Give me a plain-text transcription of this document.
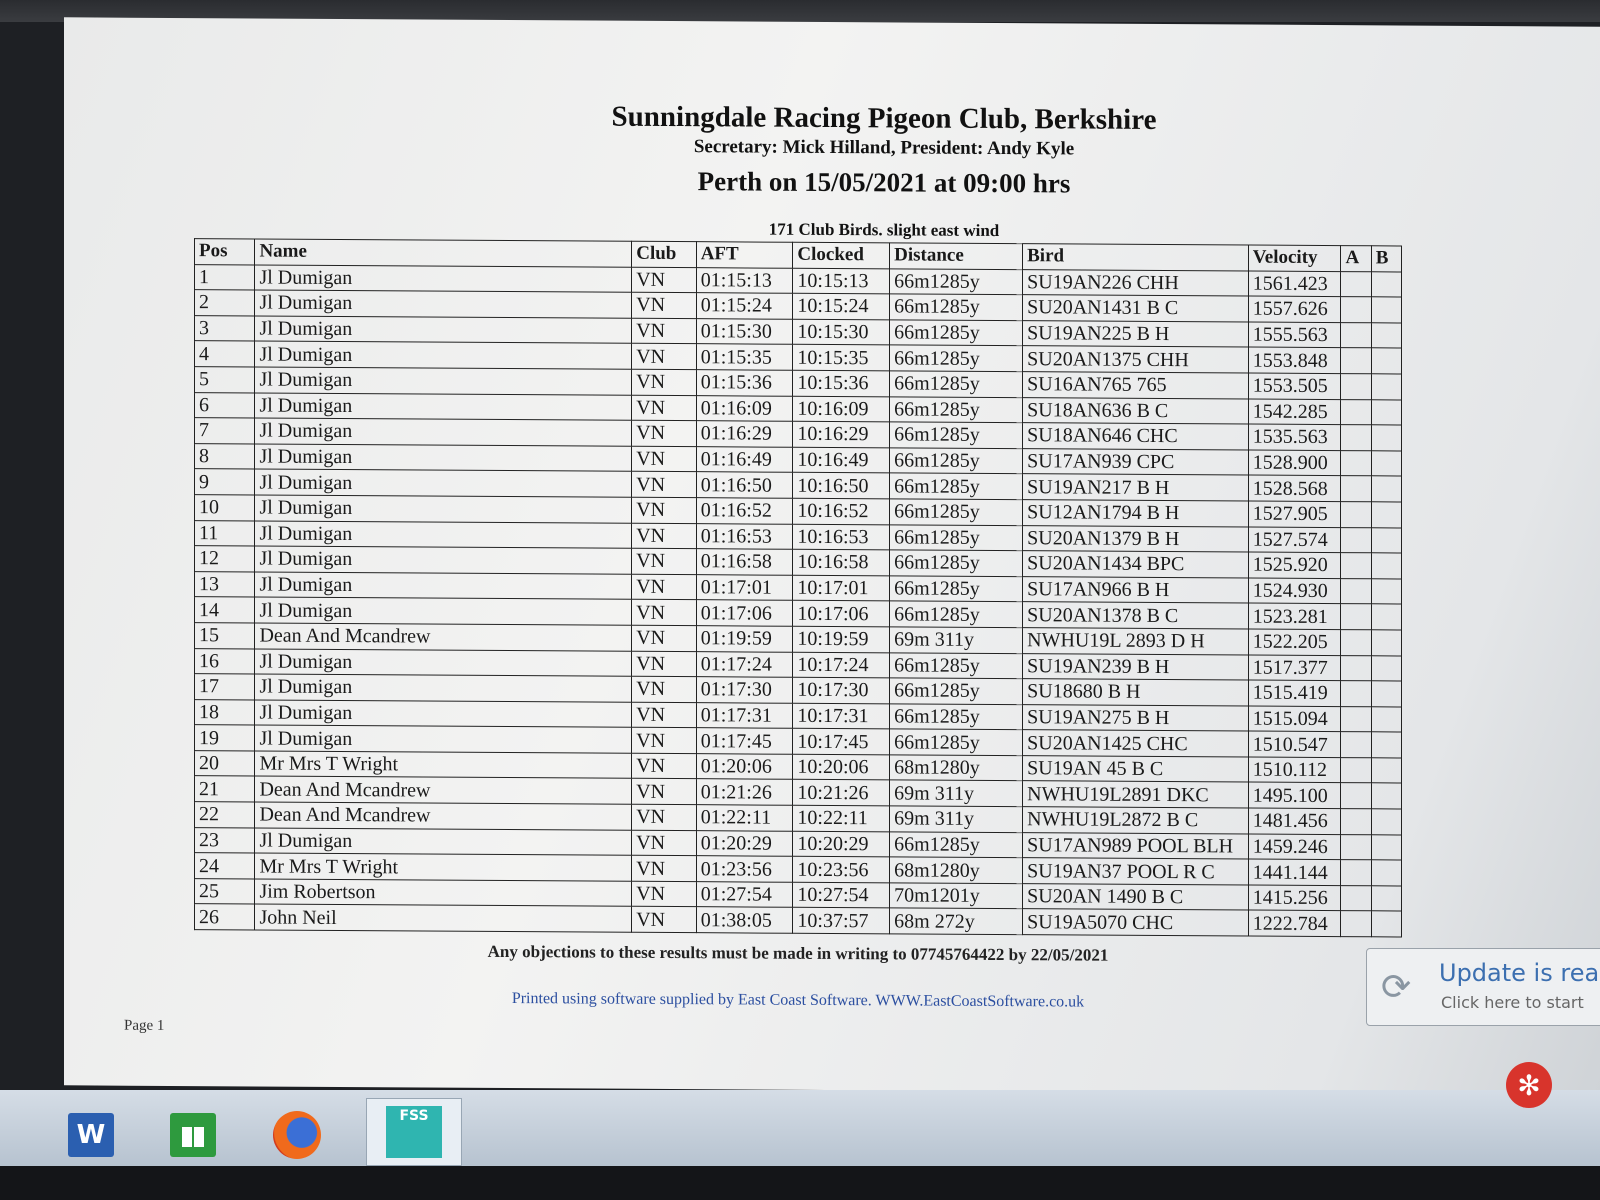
Sunningdale Racing Pigeon Club, Berkshire
Secretary: Mick Hilland, President: Andy Kyle
Perth on 15/05/2021 at 09:00 hrs
171 Club Birds. slight east wind
Pos	Name	Club	AFT	Clocked	Distance	Bird	Velocity	A	B
1	Jl Dumigan	VN	01:15:13	10:15:13	66m1285y	SU19AN226 CHH	1561.423		
2	Jl Dumigan	VN	01:15:24	10:15:24	66m1285y	SU20AN1431 B C	1557.626		
3	Jl Dumigan	VN	01:15:30	10:15:30	66m1285y	SU19AN225 B H	1555.563		
4	Jl Dumigan	VN	01:15:35	10:15:35	66m1285y	SU20AN1375 CHH	1553.848		
5	Jl Dumigan	VN	01:15:36	10:15:36	66m1285y	SU16AN765 765	1553.505		
6	Jl Dumigan	VN	01:16:09	10:16:09	66m1285y	SU18AN636 B C	1542.285		
7	Jl Dumigan	VN	01:16:29	10:16:29	66m1285y	SU18AN646 CHC	1535.563		
8	Jl Dumigan	VN	01:16:49	10:16:49	66m1285y	SU17AN939 CPC	1528.900		
9	Jl Dumigan	VN	01:16:50	10:16:50	66m1285y	SU19AN217 B H	1528.568		
10	Jl Dumigan	VN	01:16:52	10:16:52	66m1285y	SU12AN1794 B H	1527.905		
11	Jl Dumigan	VN	01:16:53	10:16:53	66m1285y	SU20AN1379 B H	1527.574		
12	Jl Dumigan	VN	01:16:58	10:16:58	66m1285y	SU20AN1434 BPC	1525.920		
13	Jl Dumigan	VN	01:17:01	10:17:01	66m1285y	SU17AN966 B H	1524.930		
14	Jl Dumigan	VN	01:17:06	10:17:06	66m1285y	SU20AN1378 B C	1523.281		
15	Dean And Mcandrew	VN	01:19:59	10:19:59	69m 311y	NWHU19L 2893 D H	1522.205		
16	Jl Dumigan	VN	01:17:24	10:17:24	66m1285y	SU19AN239 B H	1517.377		
17	Jl Dumigan	VN	01:17:30	10:17:30	66m1285y	SU18680 B H	1515.419		
18	Jl Dumigan	VN	01:17:31	10:17:31	66m1285y	SU19AN275 B H	1515.094		
19	Jl Dumigan	VN	01:17:45	10:17:45	66m1285y	SU20AN1425 CHC	1510.547		
20	Mr Mrs T Wright	VN	01:20:06	10:20:06	68m1280y	SU19AN 45 B C	1510.112		
21	Dean And Mcandrew	VN	01:21:26	10:21:26	69m 311y	NWHU19L2891 DKC	1495.100		
22	Dean And Mcandrew	VN	01:22:11	10:22:11	69m 311y	NWHU19L2872 B C	1481.456		
23	Jl Dumigan	VN	01:20:29	10:20:29	66m1285y	SU17AN989 POOL BLH	1459.246		
24	Mr Mrs T Wright	VN	01:23:56	10:23:56	68m1280y	SU19AN37 POOL R C	1441.144		
25	Jim Robertson	VN	01:27:54	10:27:54	70m1201y	SU20AN 1490 B C	1415.256		
26	John Neil	VN	01:38:05	10:37:57	68m 272y	SU19A5070 CHC	1222.784		
Any objections to these results must be made in writing to 07745764422 by 22/05/2021
Printed using software supplied by East Coast Software. WWW.EastCoastSoftware.co.uk
Page 1
⟳ Update is rea
Click here to start
W
FSS
✻
